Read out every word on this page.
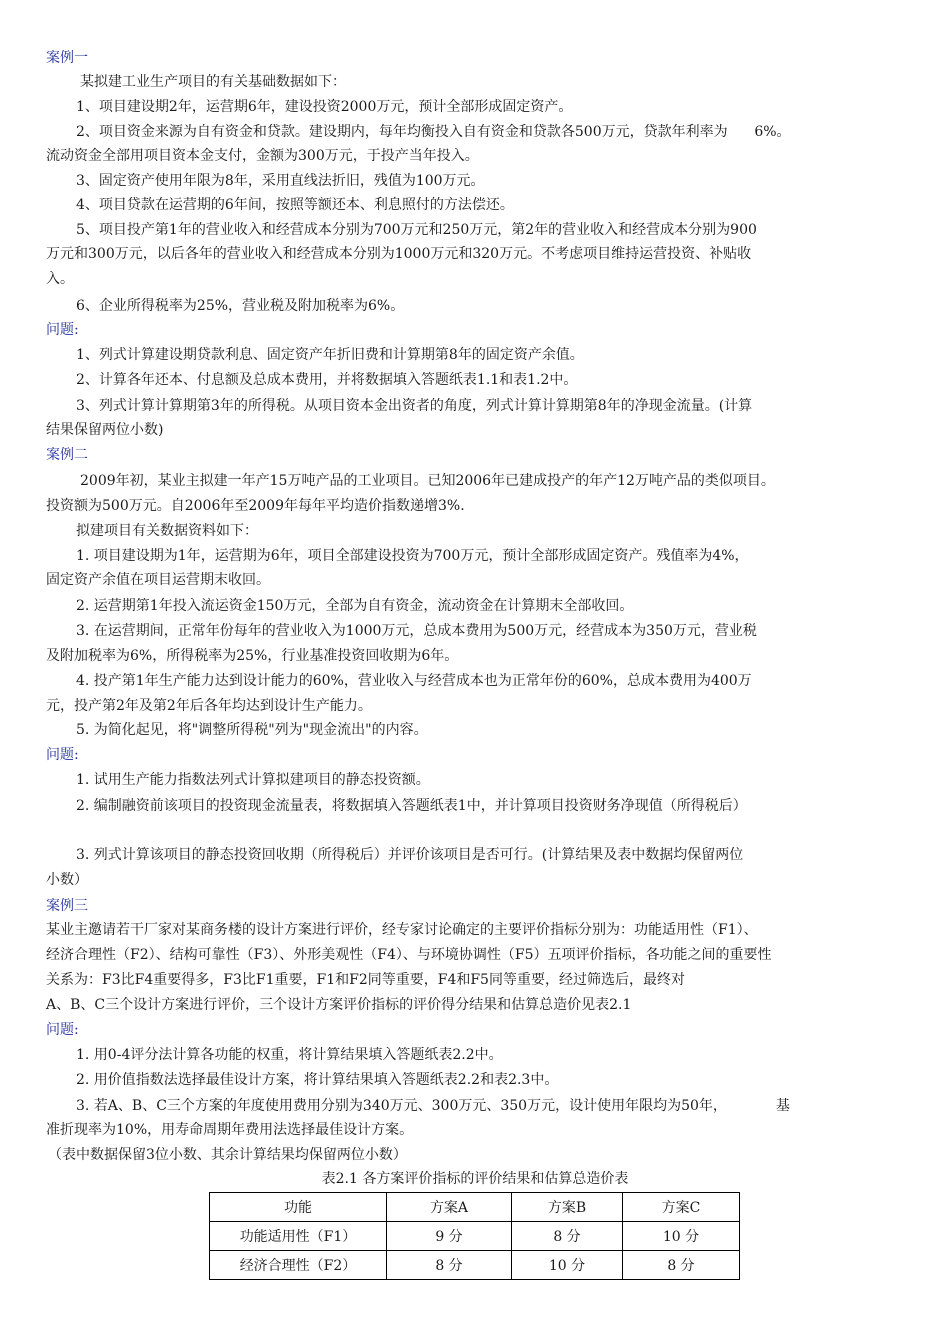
案例一
某拟建工业生产项目的有关基础数据如下：
1、项目建设期2年，运营期6年，建设投资2000万元，预计全部形成固定资产。
2、项目资金来源为自有资金和贷款。建设期内，每年均衡投入自有资金和贷款各500万元，贷款年利率为      6%。
流动资金全部用项目资本金支付，金额为300万元，于投产当年投入。
3、固定资产使用年限为8年，采用直线法折旧，残值为100万元。
4、项目贷款在运营期的6年间，按照等额还本、利息照付的方法偿还。
5、项目投产第1年的营业收入和经营成本分别为700万元和250万元，第2年的营业收入和经营成本分别为900
万元和300万元，以后各年的营业收入和经营成本分别为1000万元和320万元。不考虑项目维持运营投资、补贴收
入。
6、企业所得税率为25%，营业税及附加税率为6%。
问题:
1、列式计算建设期贷款利息、固定资产年折旧费和计算期第8年的固定资产余值。
2、计算各年还本、付息额及总成本费用，并将数据填入答题纸表1.1和表1.2中。
3、列式计算计算期第3年的所得税。从项目资本金出资者的角度，列式计算计算期第8年的净现金流量。(计算
结果保留两位小数)
案例二
2009年初，某业主拟建一年产15万吨产品的工业项目。已知2006年已建成投产的年产12万吨产品的类似项目。
投资额为500万元。自2006年至2009年每年平均造价指数递增3%.
拟建项目有关数据资料如下：
1. 项目建设期为1年，运营期为6年，项目全部建设投资为700万元，预计全部形成固定资产。残值率为4%，
固定资产余值在项目运营期末收回。
2. 运营期第1年投入流运资金150万元，全部为自有资金，流动资金在计算期末全部收回。
3. 在运营期间，正常年份每年的营业收入为1000万元，总成本费用为500万元，经营成本为350万元，营业税
及附加税率为6%，所得税率为25%，行业基准投资回收期为6年。
4. 投产第1年生产能力达到设计能力的60%，营业收入与经营成本也为正常年份的60%，总成本费用为400万
元，投产第2年及第2年后各年均达到设计生产能力。
5. 为简化起见，将"调整所得税"列为"现金流出"的内容。
问题:
1. 试用生产能力指数法列式计算拟建项目的静态投资额。
2. 编制融资前该项目的投资现金流量表，将数据填入答题纸表1中，并计算项目投资财务净现值（所得税后）
3. 列式计算该项目的静态投资回收期（所得税后）并评价该项目是否可行。(计算结果及表中数据均保留两位
小数）
案例三
某业主邀请若干厂家对某商务楼的设计方案进行评价，经专家讨论确定的主要评价指标分别为：功能适用性（F1）、
经济合理性（F2）、结构可靠性（F3）、外形美观性（F4）、与环境协调性（F5）五项评价指标，各功能之间的重要性
关系为：F3比F4重要得多，F3比F1重要，F1和F2同等重要，F4和F5同等重要，经过筛选后，最终对
A、B、C三个设计方案进行评价，三个设计方案评价指标的评价得分结果和估算总造价见表2.1
问题:
1. 用0-4评分法计算各功能的权重，将计算结果填入答题纸表2.2中。
2. 用价值指数法选择最佳设计方案，将计算结果填入答题纸表2.2和表2.3中。
3. 若A、B、C三个方案的年度使用费用分别为340万元、300万元、350万元，设计使用年限均为50年，           基
准折现率为10%，用寿命周期年费用法选择最佳设计方案。
（表中数据保留3位小数、其余计算结果均保留两位小数）
表2.1 各方案评价指标的评价结果和估算总造价表
功能	方案A	方案B	方案C
功能适用性（F1）	9 分	8 分	10 分
经济合理性（F2）	8 分	10 分	8 分
